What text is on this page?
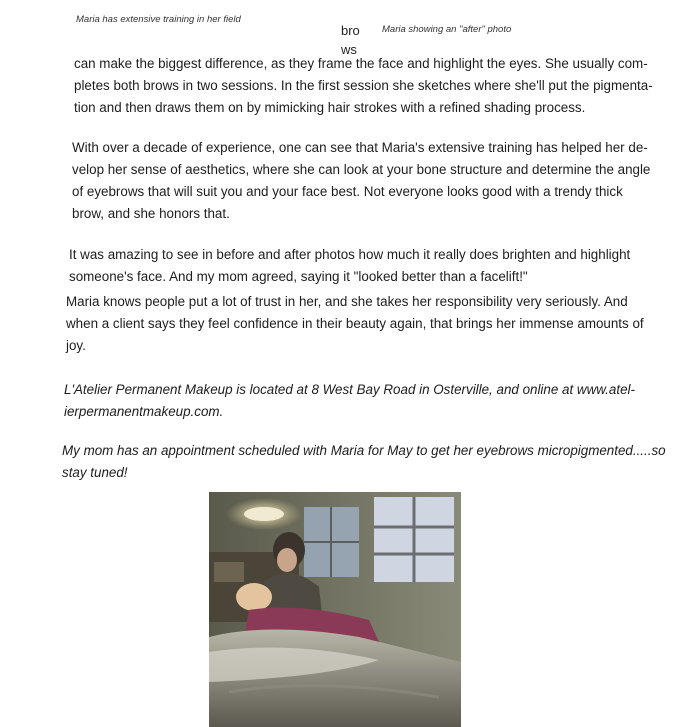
Maria has extensive training in her field
bro
ws
Maria showing an "after" photo
can make the biggest difference, as they frame the face and highlight the eyes. She usually com-
pletes both brows in two sessions. In the first session she sketches where she'll put the pigmenta-
tion and then draws them on by mimicking hair strokes with a refined shading process.
With over a decade of experience, one can see that Maria's extensive training has helped her de-
velop her sense of aesthetics, where she can look at your bone structure and determine the angle
of eyebrows that will suit you and your face best. Not everyone looks good with a trendy thick
brow, and she honors that.
It was amazing to see in before and after photos how much it really does brighten and highlight
someone's face. And my mom agreed, saying it "looked better than a facelift!"
Maria knows people put a lot of trust in her, and she takes her responsibility very seriously. And
when a client says they feel confidence in their beauty again, that brings her immense amounts of
joy.
L'Atelier Permanent Makeup is located at 8 West Bay Road in Osterville, and online at www.atel-
ierpermanentmakeup.com.
My mom has an appointment scheduled with Maria for May to get her eyebrows micropigmented.....so
stay tuned!
